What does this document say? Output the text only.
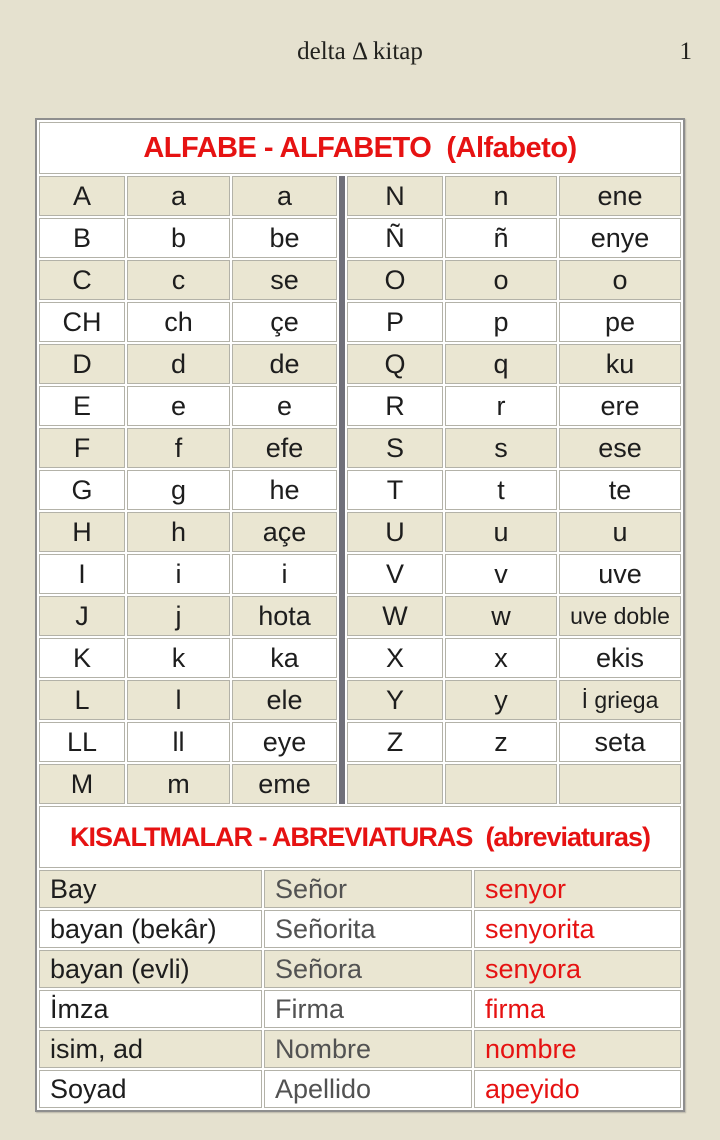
delta Δ kitap	1
ALFABE - ALFABETO  (Alfabeto)
A	a	a	N	n	ene
B	b	be	Ñ	ñ	enye
C	c	se	O	o	o
CH	ch	çe	P	p	pe
D	d	de	Q	q	ku
E	e	e	R	r	ere
F	f	efe	S	s	ese
G	g	he	T	t	te
H	h	açe	U	u	u
I	i	i	V	v	uve
J	j	hota	W	w	uve doble
K	k	ka	X	x	ekis
L	l	ele	Y	y	İ griega
LL	ll	eye	Z	z	seta
M	m	eme
KISALTMALAR - ABREVIATURAS  (abreviaturas)
Bay	Señor	senyor
bayan (bekâr)	Señorita	senyorita
bayan (evli)	Señora	senyora
İmza	Firma	firma
isim, ad	Nombre	nombre
Soyad	Apellido	apeyido
